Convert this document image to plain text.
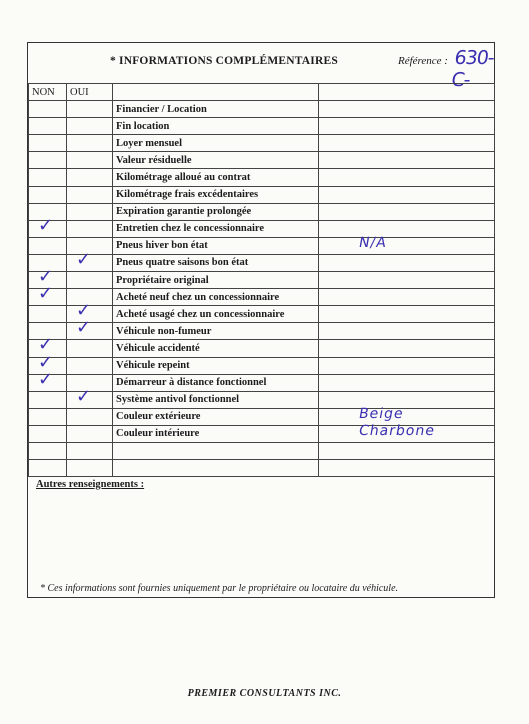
* INFORMATIONS COMPLÉMENTAIRES	Référence : 630-C-
NON	OUI		
		Financier / Location	
		Fin location	
		Loyer mensuel	
		Valeur résiduelle	
		Kilométrage alloué au contrat	
		Kilométrage frais excédentaires	
		Expiration garantie prolongée	

✓		Entretien chez le concessionnaire	
		Pneus hiver bon état	N/A

	✓	Pneus quatre saisons bon état	

✓		Propriétaire original	

✓		Acheté neuf chez un concessionnaire	

	✓	Acheté usagé chez un concessionnaire	

	✓	Véhicule non-fumeur	

✓		Véhicule accidenté	

✓		Véhicule repeint	

✓		Démarreur à distance fonctionnel	

	✓	Système antivol fonctionnel	
		Couleur extérieure	Beige

		Couleur intérieure	Charbone

Autres renseignements :
* Ces informations sont fournies uniquement par le propriétaire ou locataire du véhicule.
PREMIER CONSULTANTS INC.
